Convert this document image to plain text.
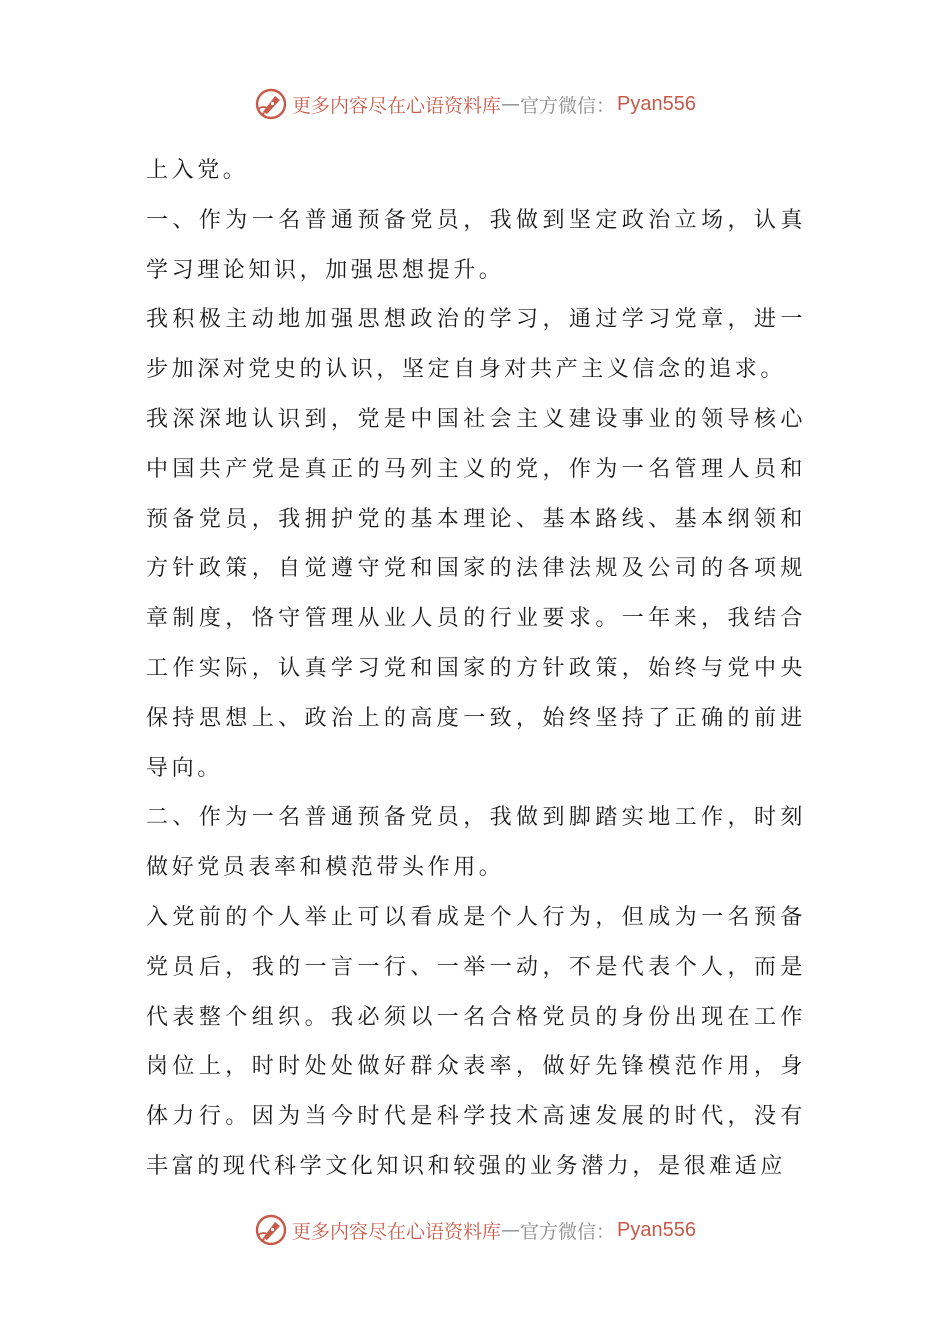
更多内容尽在心语资料库 — 官方微信： Pyan556

上入党。

一、作为一名普通预备党员，我做到坚定政治立场，认真学习理论知识，加强思想提升。

我积极主动地加强思想政治的学习，通过学习党章，进一步加深对党史的认识，坚定自身对共产主义信念的追求。

我深深地认识到，党是中国社会主义建设事业的领导核心中国共产党是真正的马列主义的党，作为一名管理人员和预备党员，我拥护党的基本理论、基本路线、基本纲领和方针政策，自觉遵守党和国家的法律法规及公司的各项规章制度，恪守管理从业人员的行业要求。一年来，我结合工作实际，认真学习党和国家的方针政策，始终与党中央保持思想上、政治上的高度一致，始终坚持了正确的前进导向。

二、作为一名普通预备党员，我做到脚踏实地工作，时刻做好党员表率和模范带头作用。

入党前的个人举止可以看成是个人行为，但成为一名预备党员后，我的一言一行、一举一动，不是代表个人，而是代表整个组织。我必须以一名合格党员的身份出现在工作岗位上，时时处处做好群众表率，做好先锋模范作用，身体力行。因为当今时代是科学技术高速发展的时代，没有丰富的现代科学文化知识和较强的业务潜力，是很难适应

更多内容尽在心语资料库 — 官方微信： Pyan556
